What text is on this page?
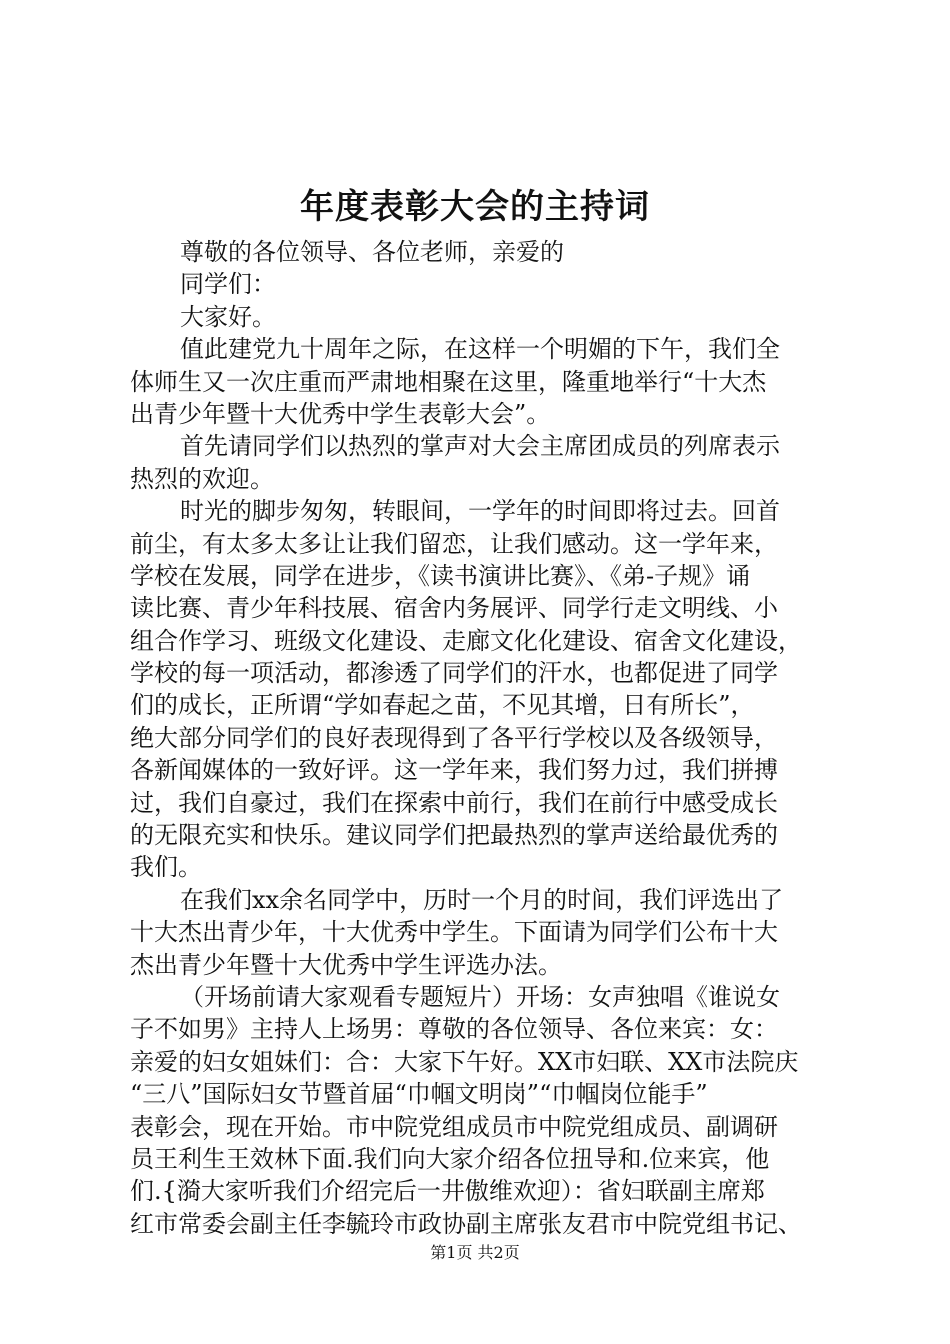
年度表彰大会的主持词
尊敬的各位领导、各位老师，亲爱的
同学们：
大家好。
值此建党九十周年之际，在这样一个明媚的下午，我们全
体师生又一次庄重而严肃地相聚在这里，隆重地举行“十大杰
出青少年暨十大优秀中学生表彰大会”。
首先请同学们以热烈的掌声对大会主席团成员的列席表示
热烈的欢迎。
时光的脚步匆匆，转眼间，一学年的时间即将过去。回首
前尘，有太多太多让让我们留恋，让我们感动。这一学年来，
学校在发展，同学在进步，《读书演讲比赛》、《弟-子规》诵
读比赛、青少年科技展、宿舍内务展评、同学行走文明线、小
组合作学习、班级文化建设、走廊文化化建设、宿舍文化建设，
学校的每一项活动，都渗透了同学们的汗水，也都促进了同学
们的成长，正所谓“学如春起之苗，不见其增，日有所长”，
绝大部分同学们的良好表现得到了各平行学校以及各级领导，
各新闻媒体的一致好评。这一学年来，我们努力过，我们拼搏
过，我们自豪过，我们在探索中前行，我们在前行中感受成长
的无限充实和快乐。建议同学们把最热烈的掌声送给最优秀的
我们。
在我们xx余名同学中，历时一个月的时间，我们评选出了
十大杰出青少年，十大优秀中学生。下面请为同学们公布十大
杰出青少年暨十大优秀中学生评选办法。
（开场前请大家观看专题短片）开场：女声独唱《谁说女
子不如男》主持人上场男：尊敬的各位领导、各位来宾：女：
亲爱的妇女姐妹们：合：大家下午好。XX市妇联、XX市法院庆
“三八”国际妇女节暨首届“巾帼文明岗”“巾帼岗位能手”
表彰会，现在开始。市中院党组成员市中院党组成员、副调研
员王利生王效林下面.我们向大家介绍各位扭导和.位来宾，他
们.{漪大家听我们介绍完后一井傲维欢迎）：省妇联副主席郑
红市常委会副主任李毓玲市政协副主席张友君市中院党组书记、
第1页 共2页
